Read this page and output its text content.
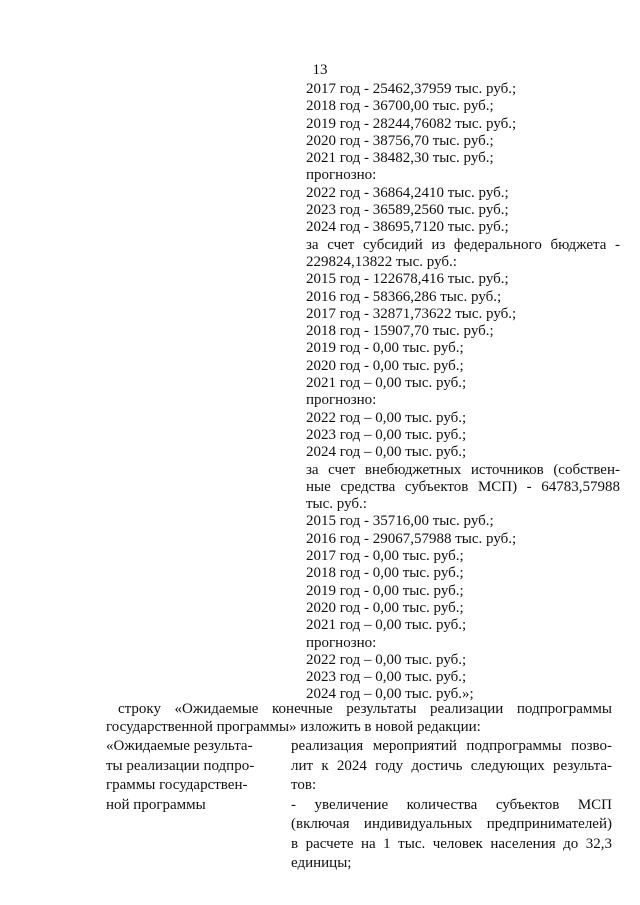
13
2017 год - 25462,37959 тыс. руб.;
2018 год - 36700,00 тыс. руб.;
2019 год - 28244,76082 тыс. руб.;
2020 год - 38756,70 тыс. руб.;
2021 год - 38482,30 тыс. руб.;
прогнозно:
2022 год - 36864,2410 тыс. руб.;
2023 год - 36589,2560 тыс. руб.;
2024 год - 38695,7120 тыс. руб.;
за счет субсидий из федерального бюджета -
229824,13822 тыс. руб.:
2015 год - 122678,416 тыс. руб.;
2016 год - 58366,286 тыс. руб.;
2017 год - 32871,73622 тыс. руб.;
2018 год - 15907,70 тыс. руб.;
2019 год - 0,00 тыс. руб.;
2020 год - 0,00 тыс. руб.;
2021 год – 0,00 тыс. руб.;
прогнозно:
2022 год – 0,00 тыс. руб.;
2023 год – 0,00 тыс. руб.;
2024 год – 0,00 тыс. руб.;
за счет внебюджетных источников (собствен-
ные средства субъектов МСП) - 64783,57988
тыс. руб.:
2015 год - 35716,00 тыс. руб.;
2016 год - 29067,57988 тыс. руб.;
2017 год - 0,00 тыс. руб.;
2018 год - 0,00 тыс. руб.;
2019 год - 0,00 тыс. руб.;
2020 год - 0,00 тыс. руб.;
2021 год – 0,00 тыс. руб.;
прогнозно:
2022 год – 0,00 тыс. руб.;
2023 год – 0,00 тыс. руб.;
2024 год – 0,00 тыс. руб.»;
строку «Ожидаемые конечные результаты реализации подпрограммы
государственной программы» изложить в новой редакции:
«Ожидаемые результа-
ты реализации подпро-
граммы государствен-
ной программы
реализация мероприятий подпрограммы позво-
лит к 2024 году достичь следующих результа-
тов:
- увеличение количества субъектов МСП
(включая индивидуальных предпринимателей)
в расчете на 1 тыс. человек населения до 32,3
единицы;
